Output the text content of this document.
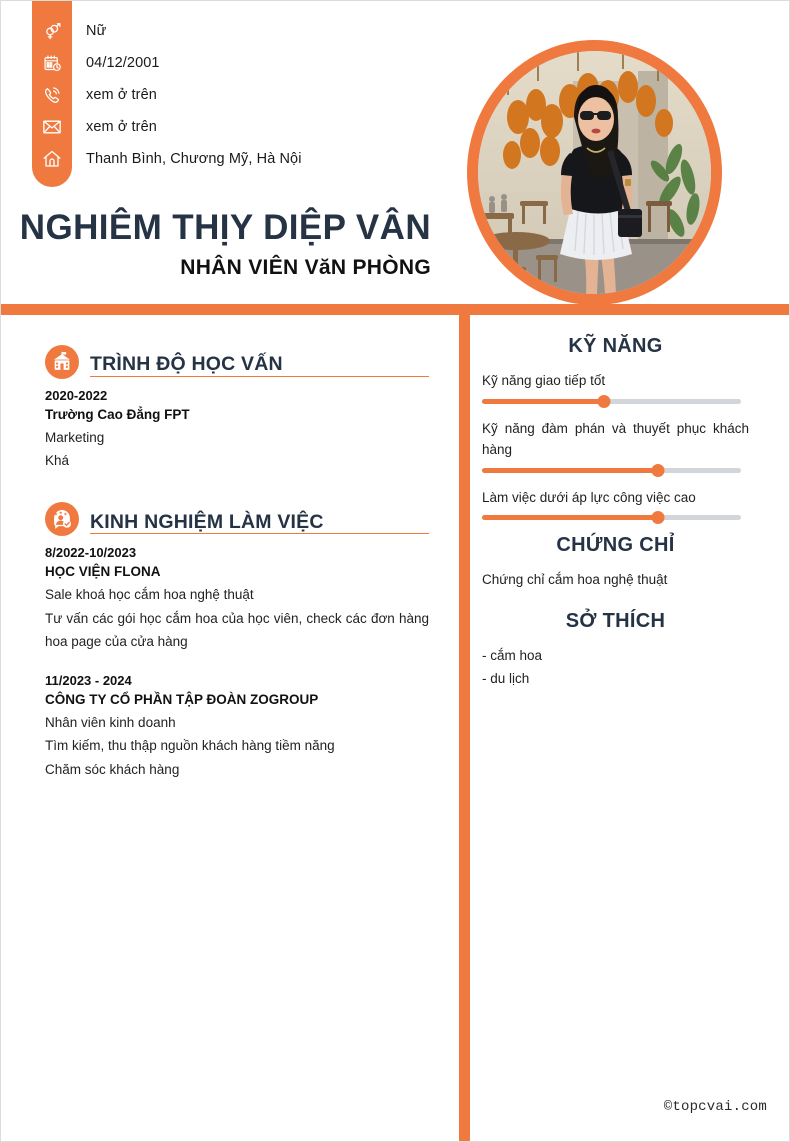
Nữ
04/12/2001
xem ở trên
xem ở trên
Thanh Bình, Chương Mỹ, Hà Nội
NGHIÊM THỊY DIỆP VÂN
NHÂN VIÊN VăN PHÒNG
TRÌNH ĐỘ HỌC VẤN
2020-2022
Trường Cao Đẳng FPT
Marketing
Khá
KINH NGHIỆM LÀM VIỆC
8/2022-10/2023
HỌC VIỆN FLONA
Sale khoá học cắm hoa nghệ thuật
Tư vấn các gói học cắm hoa của học viên, check các đơn hàng hoa page của cửa hàng
11/2023 - 2024
CÔNG TY CỔ PHẦN TẬP ĐOÀN ZOGROUP
Nhân viên kinh doanh
Tìm kiếm, thu thập nguồn khách hàng tiềm năng
Chăm sóc khách hàng
KỸ NĂNG
Kỹ năng giao tiếp tốt
Kỹ năng đàm phán và thuyết phục khách hàng
Làm việc dưới áp lực công việc cao
CHỨNG CHỈ
Chứng chỉ cắm hoa nghệ thuật
SỞ THÍCH
- cắm hoa
- du lịch
©topcvai.com
